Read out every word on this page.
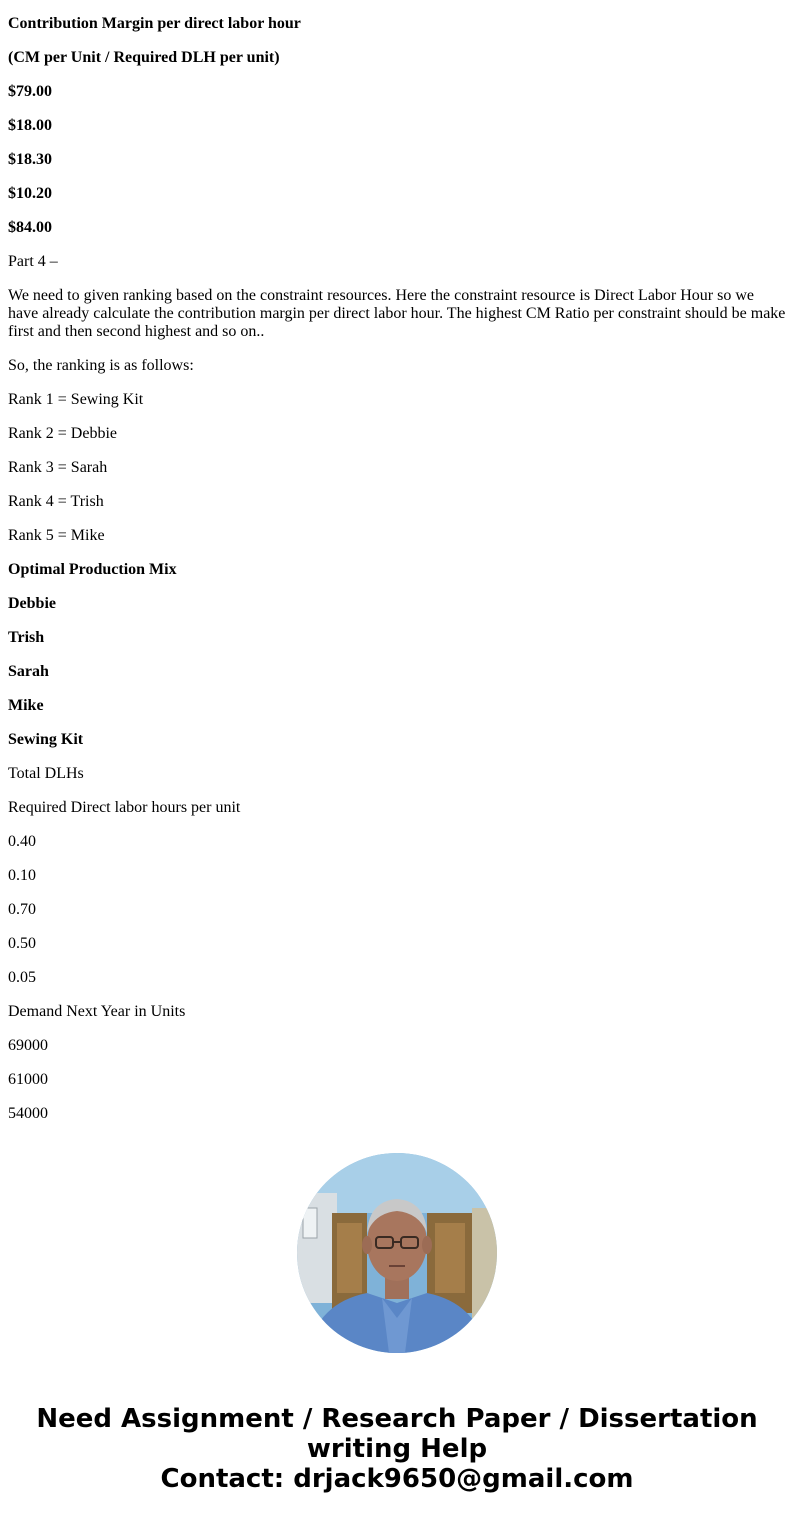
Contribution Margin per direct labor hour

(CM per Unit / Required DLH per unit)

$79.00

$18.00

$18.30

$10.20

$84.00

Part 4 –

We need to given ranking based on the constraint resources. Here the constraint resource is Direct Labor Hour so we have already calculate the contribution margin per direct labor hour. The highest CM Ratio per constraint should be make first and then second highest and so on..

So, the ranking is as follows:

Rank 1 = Sewing Kit

Rank 2 = Debbie

Rank 3 = Sarah

Rank 4 = Trish

Rank 5 = Mike

Optimal Production Mix

Debbie

Trish

Sarah

Mike

Sewing Kit

Total DLHs

Required Direct labor hours per unit

0.40

0.10

0.70

0.50

0.05

Demand Next Year in Units

69000

61000

54000

Need Assignment / Research Paper / Dissertation
writing Help
Contact: drjack9650@gmail.com
